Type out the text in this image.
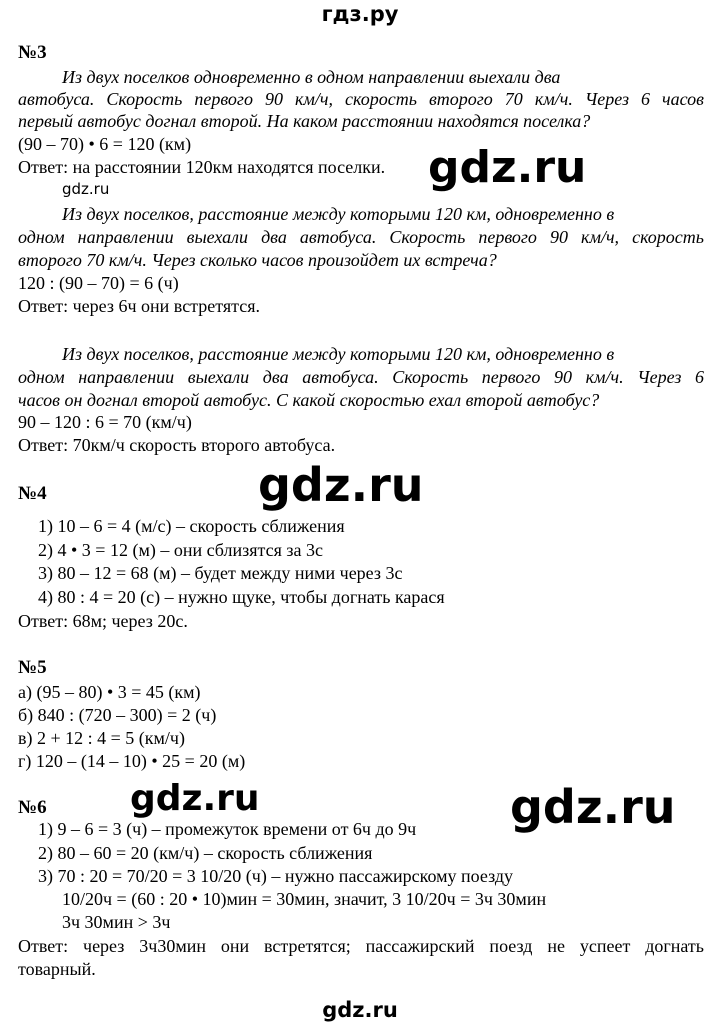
гдз.ру
№3
Из двух поселков одновременно в одном направлении выехали два
автобуса. Скорость первого 90 км/ч, скорость второго 70 км/ч. Через 6 часов
первый автобус догнал второй. На каком расстоянии находятся поселка?
(90 – 70) • 6 = 120 (км)
Ответ: на расстоянии 120км находятся поселки. gdz.ru
gdz.ru
Из двух поселков, расстояние между которыми 120 км, одновременно в
одном направлении выехали два автобуса. Скорость первого 90 км/ч, скорость
второго 70 км/ч. Через сколько часов произойдет их встреча?
120 : (90 – 70) = 6 (ч)
Ответ: через 6ч они встретятся.
Из двух поселков, расстояние между которыми 120 км, одновременно в
одном направлении выехали два автобуса. Скорость первого 90 км/ч. Через 6
часов он догнал второй автобус. С какой скоростью ехал второй автобус?
90 – 120 : 6 = 70 (км/ч)
Ответ: 70км/ч скорость второго автобуса.
№4	gdz.ru
1) 10 – 6 = 4 (м/с) – скорость сближения
2) 4 • 3 = 12 (м) – они сблизятся за 3с
3) 80 – 12 = 68 (м) – будет между ними через 3с
4) 80 : 4 = 20 (с) – нужно щуке, чтобы догнать карася
Ответ: 68м; через 20с.
№5
а) (95 – 80) • 3 = 45 (км)
б) 840 : (720 – 300) = 2 (ч)
в) 2 + 12 : 4 = 5 (км/ч)
г) 120 – (14 – 10) • 25 = 20 (м)
№6 gdz.ru	gdz.ru
1) 9 – 6 = 3 (ч) – промежуток времени от 6ч до 9ч
2) 80 – 60 = 20 (км/ч) – скорость сближения
3) 70 : 20 = 70/20 = 3 10/20 (ч) – нужно пассажирскому поезду
10/20ч = (60 : 20 • 10)мин = 30мин, значит, 3 10/20ч = 3ч 30мин
3ч 30мин > 3ч
Ответ: через 3ч30мин они встретятся; пассажирский поезд не успеет догнать
товарный.
gdz.ru
